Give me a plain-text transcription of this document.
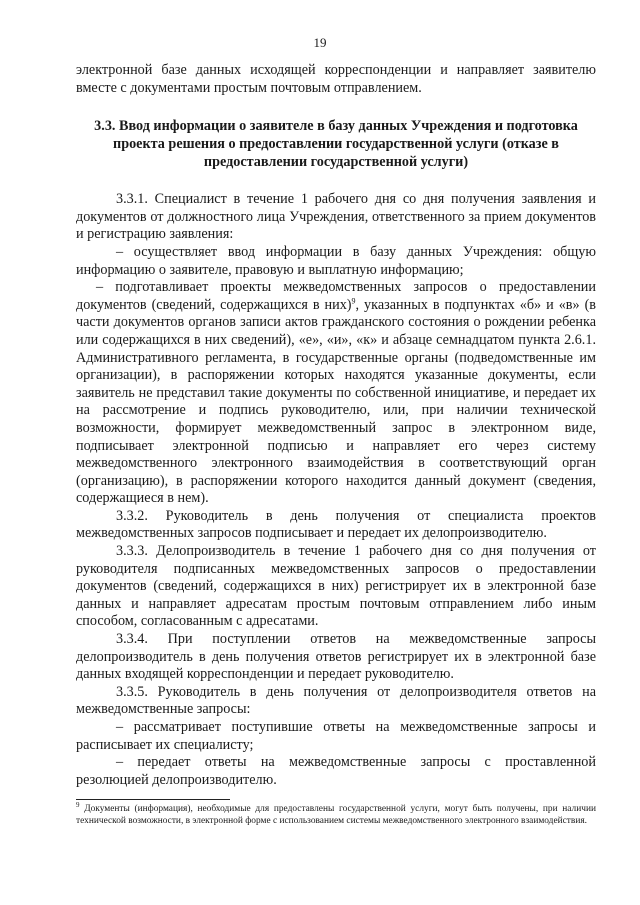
19

электронной базе данных исходящей корреспонденции и направляет заявителю вместе с документами простым почтовым отправлением.

3.3. Ввод информации о заявителе в базу данных Учреждения и подготовка проекта решения о предоставлении государственной услуги (отказе в предоставлении государственной услуги)

3.3.1. Специалист в течение 1 рабочего дня со дня получения заявления и документов от должностного лица Учреждения, ответственного за прием документов и регистрацию заявления:

– осуществляет ввод информации в базу данных Учреждения: общую информацию о заявителе, правовую и выплатную информацию;

– подготавливает проекты межведомственных запросов о предоставлении документов (сведений, содержащихся в них)$^9$, указанных в подпунктах «б» и «в» (в части документов органов записи актов гражданского состояния о рождении ребенка или содержащихся в них сведений), «е», «и», «к» и абзаце семнадцатом пункта 2.6.1. Административного регламента, в государственные органы (подведомственные им организации), в распоряжении которых находятся указанные документы, если заявитель не представил такие документы по собственной инициативе, и передает их на рассмотрение и подпись руководителю, или, при наличии технической возможности, формирует межведомственный запрос в электронном виде, подписывает электронной подписью и направляет его через систему межведомственного электронного взаимодействия в соответствующий орган (организацию), в распоряжении которого находится данный документ (сведения, содержащиеся в нем).

3.3.2. Руководитель в день получения от специалиста проектов межведомственных запросов подписывает и передает их делопроизводителю.

3.3.3. Делопроизводитель в течение 1 рабочего дня со дня получения от руководителя подписанных межведомственных запросов о предоставлении документов (сведений, содержащихся в них) регистрирует их в электронной базе данных и направляет адресатам простым почтовым отправлением либо иным способом, согласованным с адресатами.

3.3.4. При поступлении ответов на межведомственные запросы делопроизводитель в день получения ответов регистрирует их в электронной базе данных входящей корреспонденции и передает руководителю.

3.3.5. Руководитель в день получения от делопроизводителя ответов на межведомственные запросы:

– рассматривает поступившие ответы на межведомственные запросы и расписывает их специалисту;

– передает ответы на межведомственные запросы с проставленной резолюцией делопроизводителю.

$^9$ Документы (информация), необходимые для предоставлены государственной услуги, могут быть получены, при наличии технической возможности, в электронной форме с использованием системы межведомственного электронного взаимодействия.
